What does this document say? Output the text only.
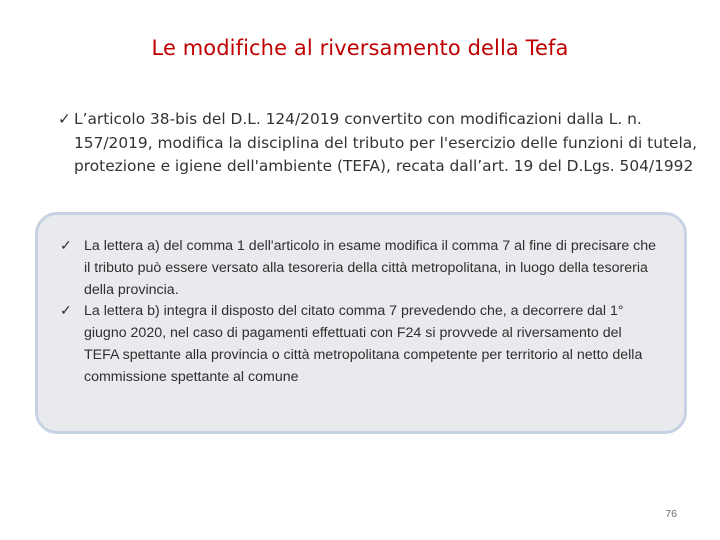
Le modifiche al riversamento della Tefa
✓ L’articolo 38-bis del D.L. 124/2019 convertito con modificazioni dalla L. n. 157/2019, modifica la disciplina del tributo per l'esercizio delle funzioni di tutela, protezione e igiene dell'ambiente (TEFA), recata dall’art. 19 del D.Lgs. 504/1992
✓ La lettera a) del comma 1 dell'articolo in esame modifica il comma 7 al fine di precisare che il tributo può essere versato alla tesoreria della città metropolitana, in luogo della tesoreria della provincia.
✓ La lettera b) integra il disposto del citato comma 7 prevedendo che, a decorrere dal 1° giugno 2020, nel caso di pagamenti effettuati con F24 si provvede al riversamento del TEFA spettante alla provincia o città metropolitana competente per territorio al netto della commissione spettante al comune
76
